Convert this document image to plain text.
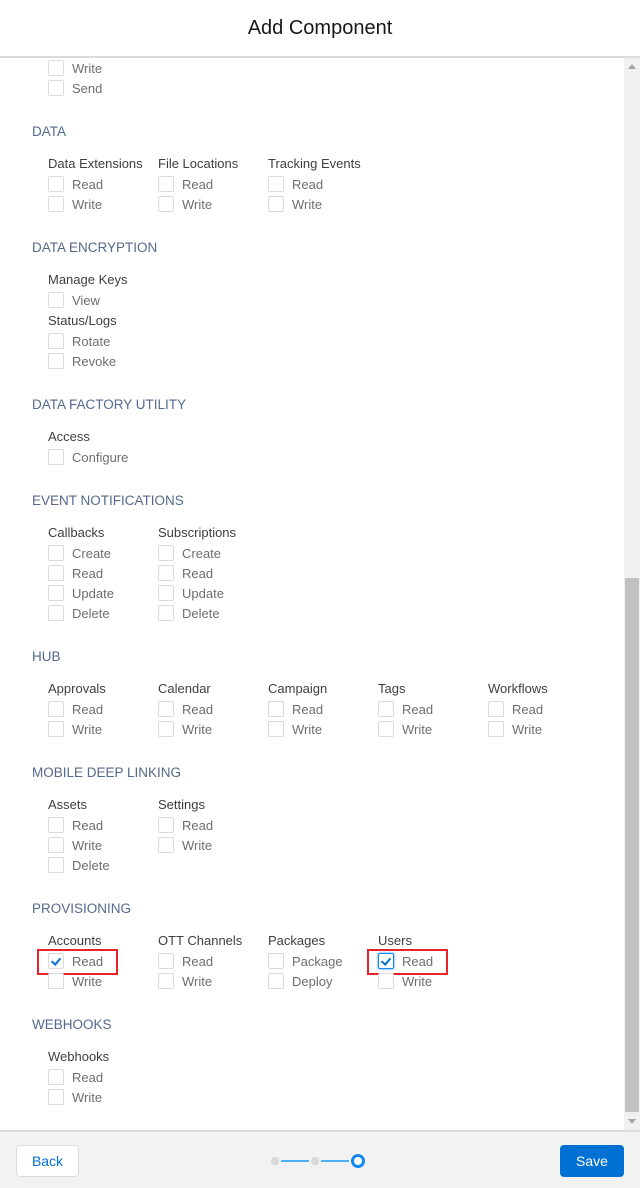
Add Component
Write
Send
DATA
Data Extensions
Read
Write
File Locations
Read
Write
Tracking Events
Read
Write
DATA ENCRYPTION
Manage Keys
View
Status/Logs
Rotate
Revoke
DATA FACTORY UTILITY
Access
Configure
EVENT NOTIFICATIONS
Callbacks
Create
Read
Update
Delete
Subscriptions
Create
Read
Update
Delete
HUB
Approvals
Read
Write
Calendar
Read
Write
Campaign
Read
Write
Tags
Read
Write
Workflows
Read
Write
MOBILE DEEP LINKING
Assets
Read
Write
Delete
Settings
Read
Write
PROVISIONING
Accounts
Read
Write
OTT Channels
Read
Write
Packages
Package
Deploy
Users
Read
Write
WEBHOOKS
Webhooks
Read
Write
Back	Save
